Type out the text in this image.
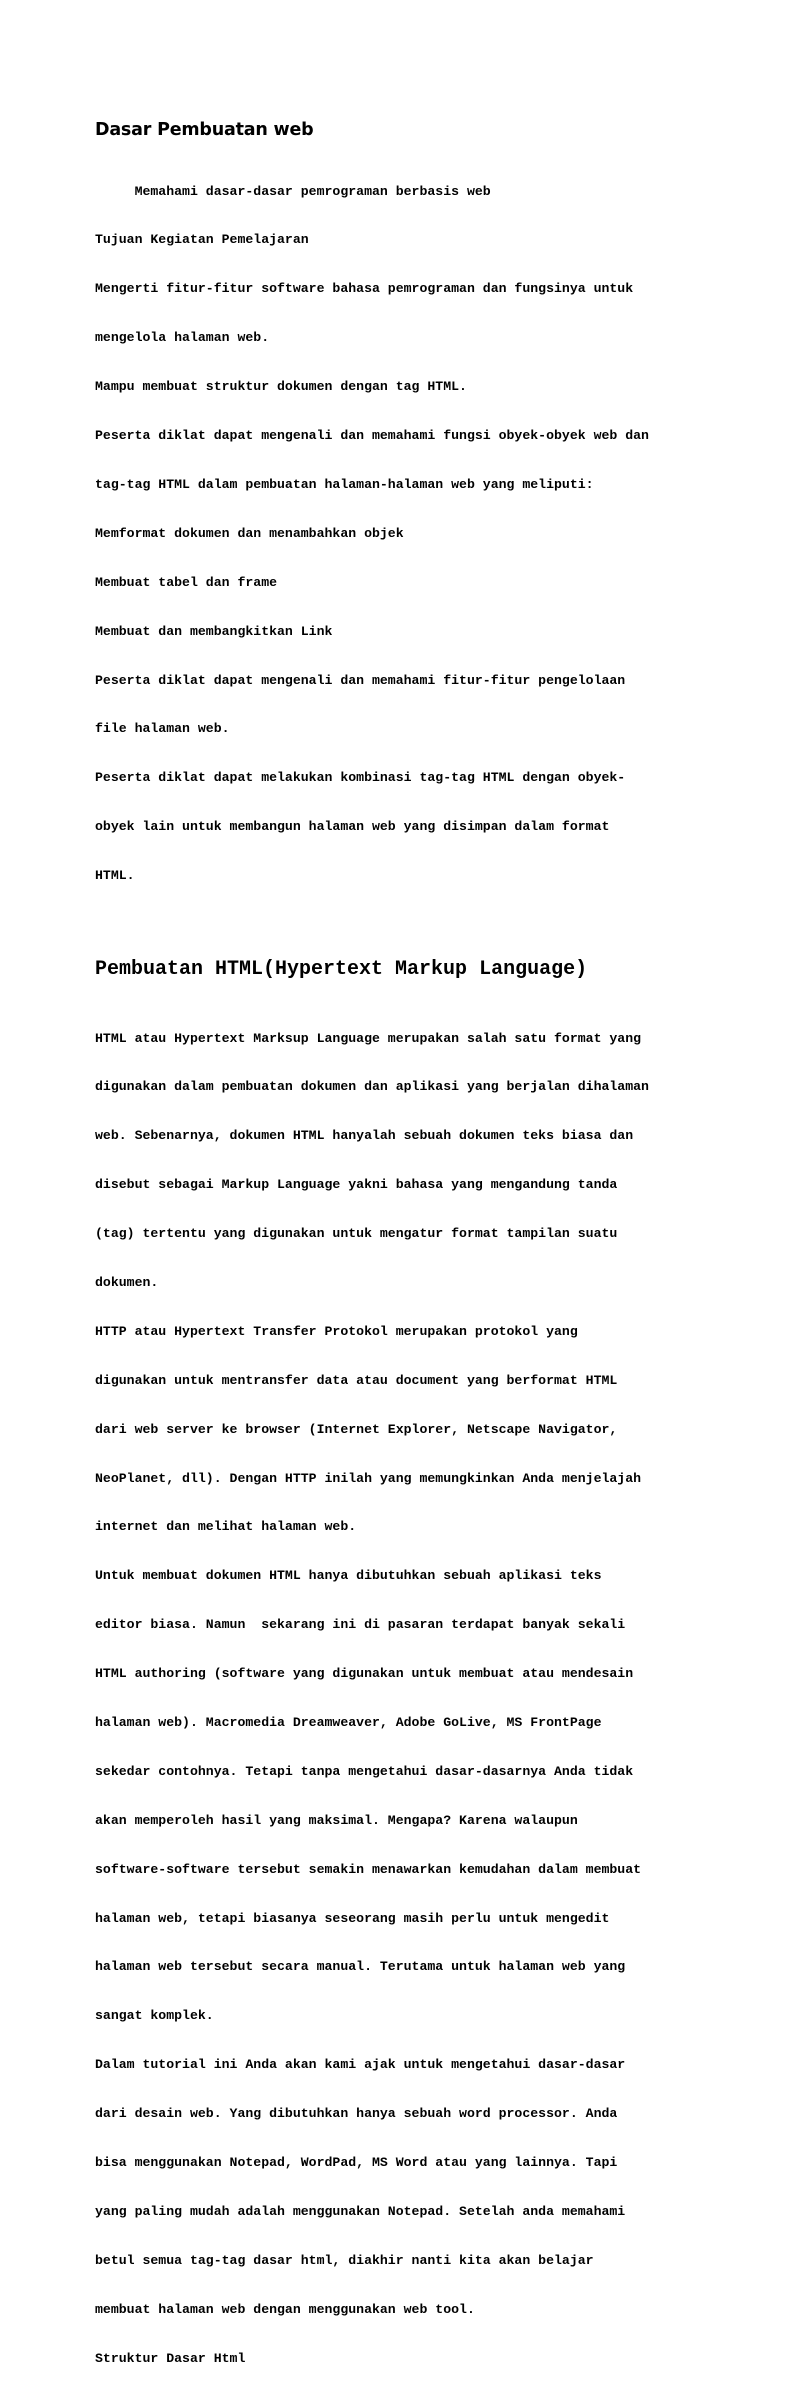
Dasar Pembuatan web

Memahami dasar-dasar pemrograman berbasis web

Tujuan Kegiatan Pemelajaran

Mengerti fitur-fitur software bahasa pemrograman dan fungsinya untuk

mengelola halaman web.

Mampu membuat struktur dokumen dengan tag HTML.

Peserta diklat dapat mengenali dan memahami fungsi obyek-obyek web dan

tag-tag HTML dalam pembuatan halaman-halaman web yang meliputi:

Memformat dokumen dan menambahkan objek

Membuat tabel dan frame

Membuat dan membangkitkan Link

Peserta diklat dapat mengenali dan memahami fitur-fitur pengelolaan

file halaman web.

Peserta diklat dapat melakukan kombinasi tag-tag HTML dengan obyek-

obyek lain untuk membangun halaman web yang disimpan dalam format

HTML.

Pembuatan HTML(Hypertext Markup Language)

HTML atau Hypertext Marksup Language merupakan salah satu format yang

digunakan dalam pembuatan dokumen dan aplikasi yang berjalan dihalaman

web. Sebenarnya, dokumen HTML hanyalah sebuah dokumen teks biasa dan

disebut sebagai Markup Language yakni bahasa yang mengandung tanda

(tag) tertentu yang digunakan untuk mengatur format tampilan suatu

dokumen.

HTTP atau Hypertext Transfer Protokol merupakan protokol yang

digunakan untuk mentransfer data atau document yang berformat HTML

dari web server ke browser (Internet Explorer, Netscape Navigator,

NeoPlanet, dll). Dengan HTTP inilah yang memungkinkan Anda menjelajah

internet dan melihat halaman web.

Untuk membuat dokumen HTML hanya dibutuhkan sebuah aplikasi teks

editor biasa. Namun  sekarang ini di pasaran terdapat banyak sekali

HTML authoring (software yang digunakan untuk membuat atau mendesain

halaman web). Macromedia Dreamweaver, Adobe GoLive, MS FrontPage

sekedar contohnya. Tetapi tanpa mengetahui dasar-dasarnya Anda tidak

akan memperoleh hasil yang maksimal. Mengapa? Karena walaupun

software-software tersebut semakin menawarkan kemudahan dalam membuat

halaman web, tetapi biasanya seseorang masih perlu untuk mengedit

halaman web tersebut secara manual. Terutama untuk halaman web yang

sangat komplek.

Dalam tutorial ini Anda akan kami ajak untuk mengetahui dasar-dasar

dari desain web. Yang dibutuhkan hanya sebuah word processor. Anda

bisa menggunakan Notepad, WordPad, MS Word atau yang lainnya. Tapi

yang paling mudah adalah menggunakan Notepad. Setelah anda memahami

betul semua tag-tag dasar html, diakhir nanti kita akan belajar

membuat halaman web dengan menggunakan web tool.

Struktur Dasar Html
